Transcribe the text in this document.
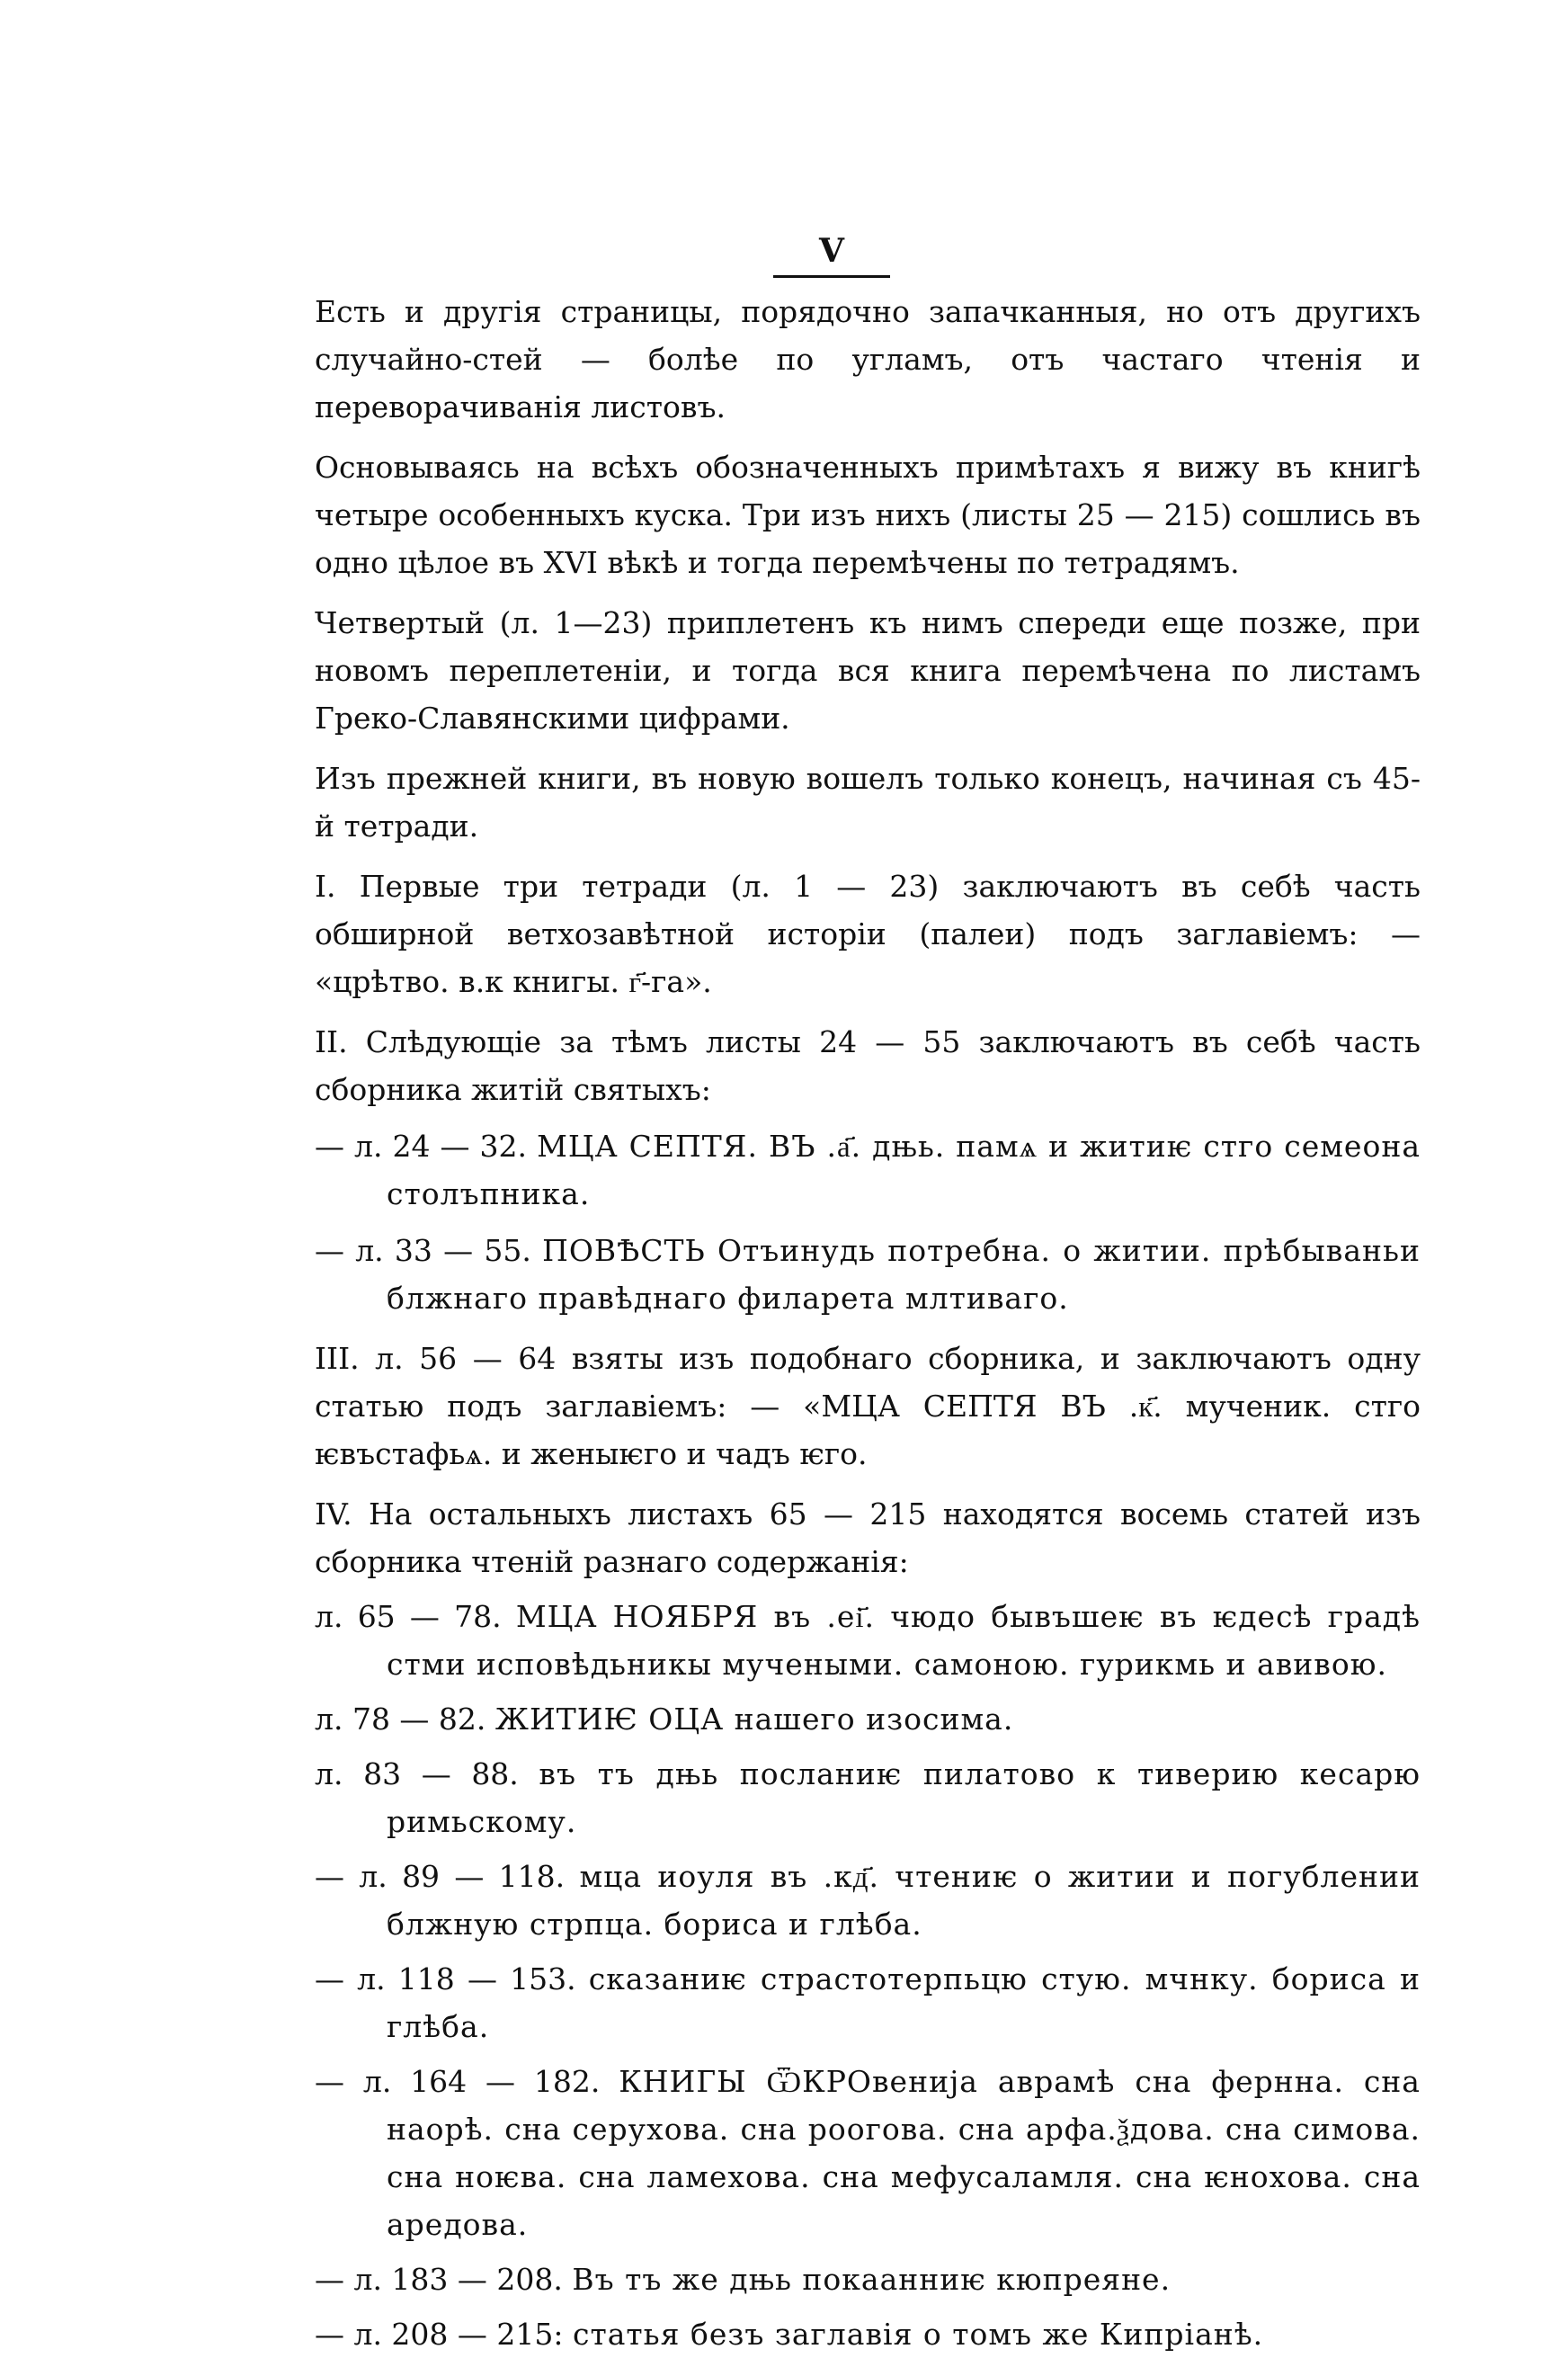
V

Есть и другія страницы, порядочно запачканныя, но отъ другихъ случайно-стей — болѣе по угламъ, отъ частаго чтенія и переворачиванія листовъ.

Основываясь на всѣхъ обозначенныхъ примѣтахъ я вижу въ книгѣ четыре особенныхъ куска. Три изъ нихъ (листы 25 — 215) сошлись въ одно цѣлое въ XVI вѣкѣ и тогда перемѣчены по тетрадямъ.

Четвертый (л. 1—23) приплетенъ къ нимъ спереди еще позже, при новомъ переплетеніи, и тогда вся книга перемѣчена по листамъ Греко-Славянскими цифрами.

Изъ прежней книги, въ новую вошелъ только конецъ, начиная съ 45-й тетради.

I. Первые три тетради (л. 1 — 23) заключаютъ въ себѣ часть обширной ветхозавѣтной исторіи (палеи) подъ заглавіемъ: — «црѣтво. в.к книгы. г҃-га».

II. Слѣдующіе за тѣмъ листы 24 — 55 заключаютъ въ себѣ часть сборника житій святыхъ:

— л. 24 — 32. МЦА СЕПТЯ. ВЪ .а҃. дњь. памѧ и житиѥ стго семеона столъпника.

— л. 33 — 55. ПОВѢСТЬ Отъинудь потребна. о житии. прѣбываньи блжнаго правѣднаго филарета млтиваго.

III. л. 56 — 64 взяты изъ подобнаго сборника, и заключаютъ одну статью подъ заглавіемъ: — «МЦА СЕПТЯ ВЪ .к҃. мученик. стго ѥвъстафьѧ. и женыѥго и чадъ ѥго.

IV. На остальныхъ листахъ 65 — 215 находятся восемь статей изъ сборника чтеній разнаго содержанія:

л. 65 — 78. МЦА НОЯБРЯ въ .еі҃. чюдо бывъшеѥ въ ѥдесѣ градѣ стми исповѣдьникы мучеными. самоною. гурикмь и авивою.

л. 78 — 82. ЖИТИѤ ОЦА нашего изосима.

л. 83 — 88. въ тъ дњь посланиѥ пилатово к тиверию кесарю римьскому.

— л. 89 — 118. мца иоуля въ .кд҃. чтениѥ о житии и погублении блжную стрпца. бориса и глѣба.

— л. 118 — 153. сказаниѥ страстотерпьцю стую. мчнку. бориса и глѣба.

— л. 164 — 182. КНИГЫ ѾКРОвенија аврамѣ сна фернна. сна наорѣ. сна серухова. сна роогова. сна арфа.ѯдова. сна симова. сна ноѥва. сна ламехова. сна мефусаламля. сна ѥнохова. сна аредова.

— л. 183 — 208. Въ тъ же дњь покаанниѥ кюпреяне.

— л. 208 — 215: статья безъ заглавія о томъ же Кипріанѣ.
